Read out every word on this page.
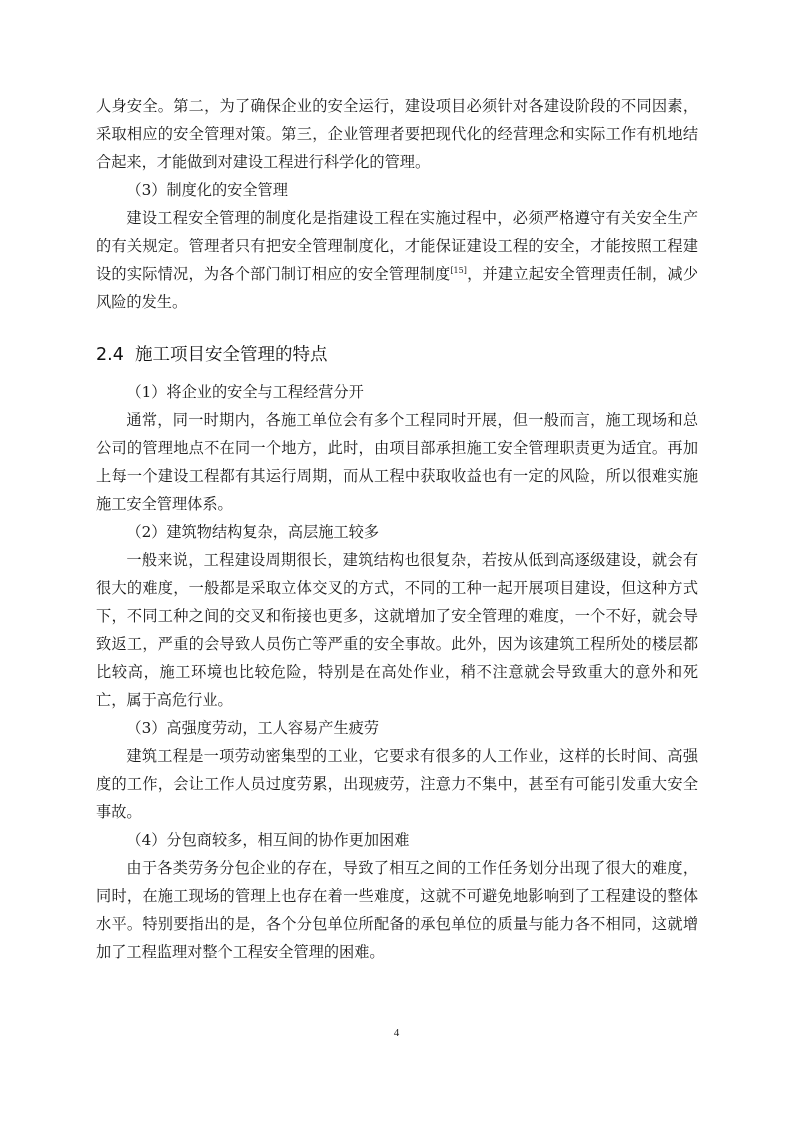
人身安全。第二，为了确保企业的安全运行，建设项目必须针对各建设阶段的不同因素，采取相应的安全管理对策。第三，企业管理者要把现代化的经营理念和实际工作有机地结合起来，才能做到对建设工程进行科学化的管理。

（3）制度化的安全管理

建设工程安全管理的制度化是指建设工程在实施过程中，必须严格遵守有关安全生产的有关规定。管理者只有把安全管理制度化，才能保证建设工程的安全，才能按照工程建设的实际情况，为各个部门制订相应的安全管理制度[15]，并建立起安全管理责任制，减少风险的发生。

2.4  施工项目安全管理的特点

（1）将企业的安全与工程经营分开

通常，同一时期内，各施工单位会有多个工程同时开展，但一般而言，施工现场和总公司的管理地点不在同一个地方，此时，由项目部承担施工安全管理职责更为适宜。再加上每一个建设工程都有其运行周期，而从工程中获取收益也有一定的风险，所以很难实施施工安全管理体系。

（2）建筑物结构复杂，高层施工较多

一般来说，工程建设周期很长，建筑结构也很复杂，若按从低到高逐级建设，就会有很大的难度，一般都是采取立体交叉的方式，不同的工种一起开展项目建设，但这种方式下，不同工种之间的交叉和衔接也更多，这就增加了安全管理的难度，一个不好，就会导致返工，严重的会导致人员伤亡等严重的安全事故。此外，因为该建筑工程所处的楼层都比较高，施工环境也比较危险，特别是在高处作业，稍不注意就会导致重大的意外和死亡，属于高危行业。

（3）高强度劳动，工人容易产生疲劳

建筑工程是一项劳动密集型的工业，它要求有很多的人工作业，这样的长时间、高强度的工作，会让工作人员过度劳累，出现疲劳，注意力不集中，甚至有可能引发重大安全事故。

（4）分包商较多，相互间的协作更加困难

由于各类劳务分包企业的存在，导致了相互之间的工作任务划分出现了很大的难度，同时，在施工现场的管理上也存在着一些难度，这就不可避免地影响到了工程建设的整体水平。特别要指出的是，各个分包单位所配备的承包单位的质量与能力各不相同，这就增加了工程监理对整个工程安全管理的困难。

4
